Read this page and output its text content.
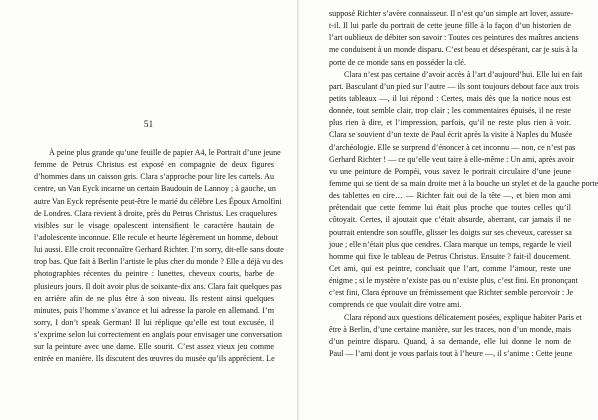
51
À peine plus grande qu’une feuille de papier A4, le Portrait d’une jeune
femme de Petrus Christus est exposé en compagnie de deux figures
d’hommes dans un caisson gris. Clara s’approche pour lire les cartels. Au
centre, un Van Eyck incarne un certain Baudouin de Lannoy ; à gauche, un
autre Van Eyck représente peut-être le marié du célèbre Les Époux Arnolfini
de Londres. Clara revient à droite, près du Petrus Christus. Les craquelures
visibles sur le visage opalescent intensifient le caractère hautain de
l’adolescente inconnue. Elle recule et heurte légèrement un homme, debout
lui aussi. Elle croit reconnaître Gerhard Richter. I’m sorry, dit-elle sans doute
trop bas. Que fait à Berlin l’artiste le plus cher du monde ? Elle a déjà vu des
photographies récentes du peintre : lunettes, cheveux courts, barbe de
plusieurs jours. Il doit avoir plus de soixante-dix ans. Clara fait quelques pas
en arrière afin de ne plus être à son niveau. Ils restent ainsi quelques
minutes, puis l’homme s’avance et lui adresse la parole en allemand. I’m
sorry, I don’t speak German! Il lui réplique qu’elle est tout excusée, il
s’exprime selon lui correctement en anglais pour envisager une conversation
sur la peinture avec une dame. Elle sourit. C’est assez vieux jeu comme
entrée en manière. Ils discutent des œuvres du musée qu’ils apprécient. Le
supposé Richter s’avère connaisseur. Il n’est qu’un simple art lover, assure-
t-il. Il lui parle du portrait de cette jeune fille à la façon d’un historien de
l’art oublieux de débiter son savoir : Toutes ces peintures des maîtres anciens
me conduisent à un monde disparu. C’est beau et désespérant, car je suis à la
porte de ce monde sans en posséder la clé.
Clara n’est pas certaine d’avoir accès à l’art d’aujourd’hui. Elle lui en fait
part. Basculant d’un pied sur l’autre — ils sont toujours debout face aux trois
petits tableaux —, il lui répond : Certes, mais dès que la notice nous est
donnée, tout semble clair, trop clair ; les commentaires épuisés, il ne reste
plus rien à dire, et l’impression, parfois, qu’il ne reste plus rien à voir.
Clara se souvient d’un texte de Paul écrit après la visite à Naples du Musée
d’archéologie. Elle se surprend d’énoncer à cet inconnu — non, ce n’est pas
Gerhard Richter ! — ce qu’elle veut taire à elle-même : Un ami, après avoir
vu une peinture de Pompéi, vous savez le portrait circulaire d’une jeune
femme qui se tient de sa main droite met à la bouche un stylet et de la gauche porte
des tablettes en cire… — Richter fait oui de la tête —, et bien mon ami
prétendait que cette femme lui était plus proche que toutes celles qu’il
côtoyait. Certes, il ajoutait que c’était absurde, aberrant, car jamais il ne
pourrait entendre son souffle, glisser les doigts sur ses cheveux, caresser sa
joue ; elle n’était plus que cendres. Clara marque un temps, regarde le vieil
homme qui fixe le tableau de Petrus Christus. Ensuite ? fait-il doucement.
Cet ami, qui est peintre, concluait que l’art, comme l’amour, reste une
énigme ; si le mystère n’existe pas ou n’existe plus, c’est fini. En prononçant
c’est fini, Clara éprouve un frémissement que Richter semble percevoir : Je
comprends ce que voulait dire votre ami.
Clara répond aux questions délicatement posées, explique habiter Paris et
être à Berlin, d’une certaine manière, sur les traces, non d’un monde, mais
d’un peintre disparu. Quand, à sa demande, elle lui donne le nom de
Paul — l’ami dont je vous parlais tout à l’heure —, il s’anime : Cette jeune
